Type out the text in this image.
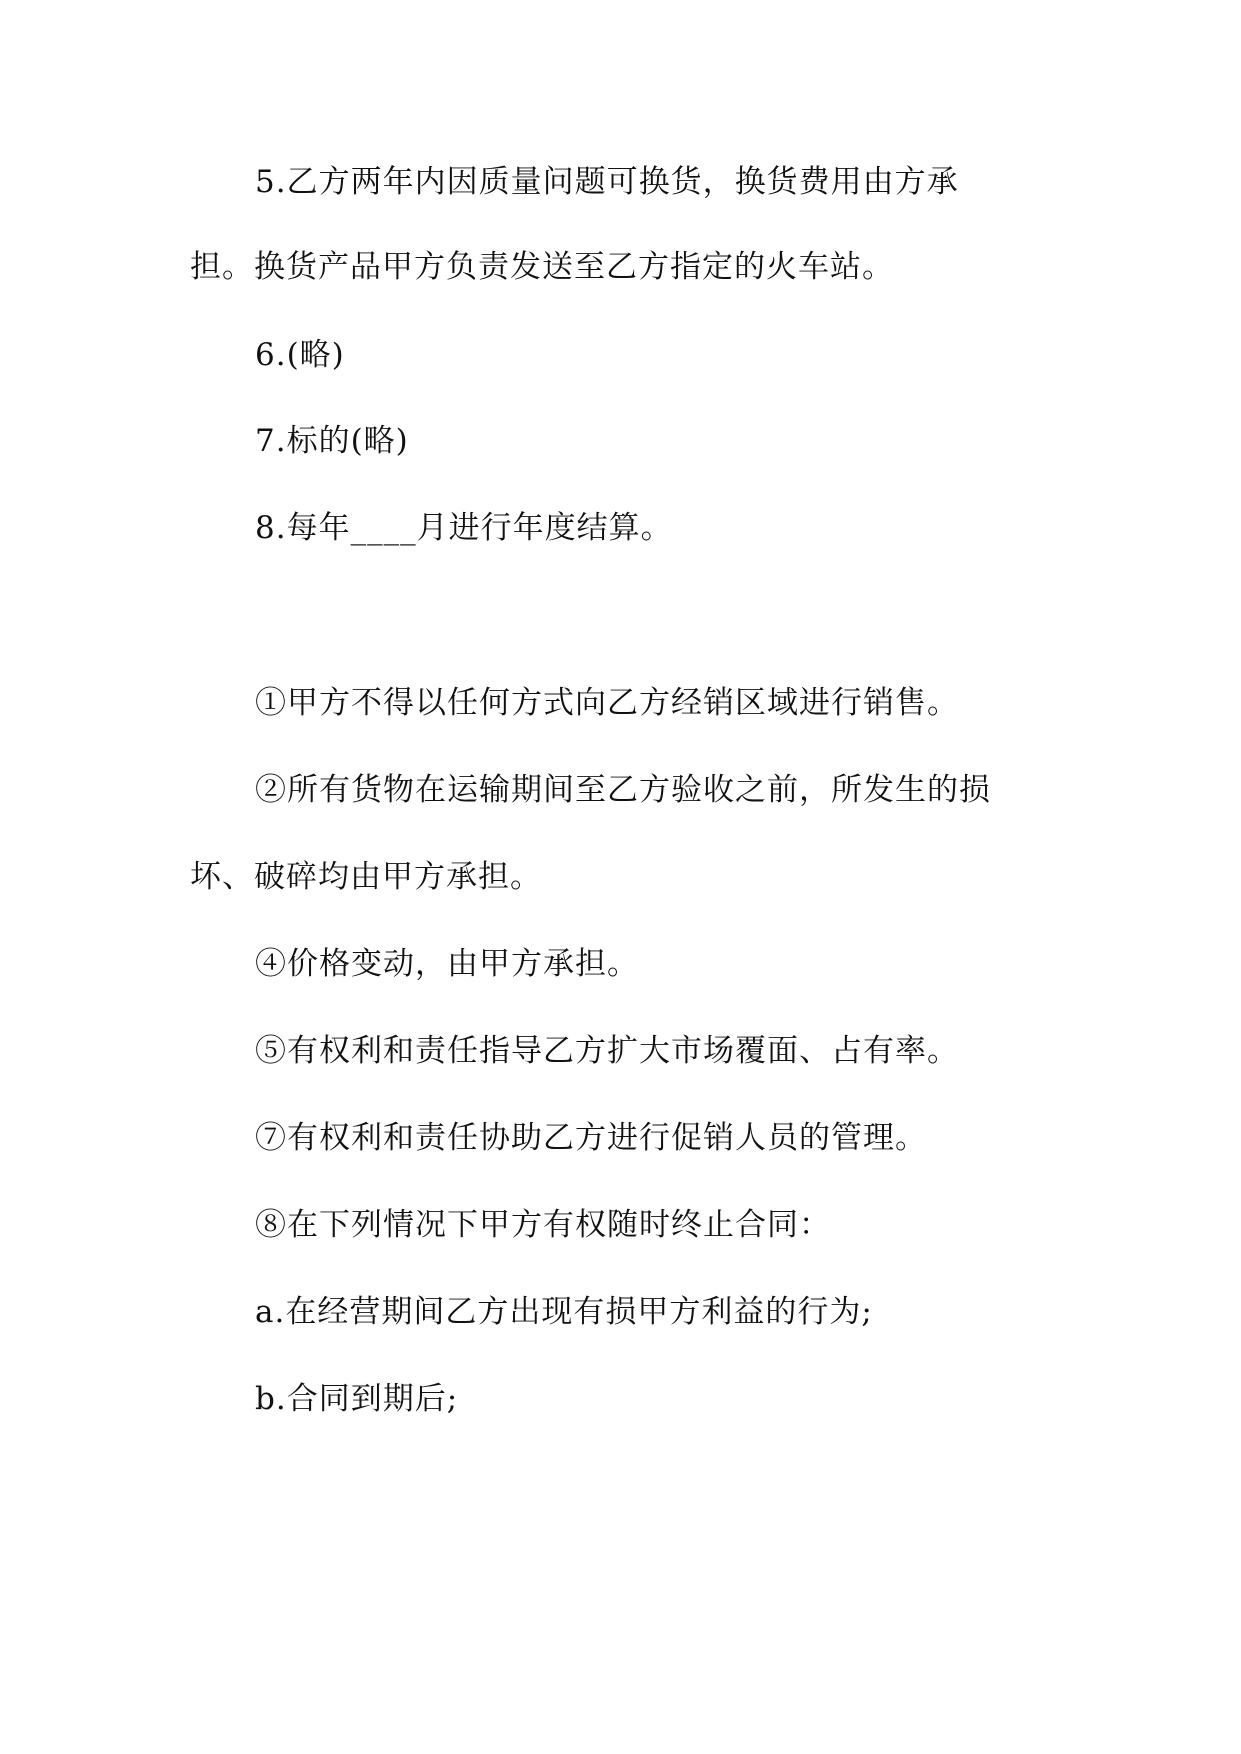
5.乙方两年内因质量问题可换货，换货费用由方承

担。换货产品甲方负责发送至乙方指定的火车站。

6.(略)

7.标的(略)

8.每年____月进行年度结算。

①甲方不得以任何方式向乙方经销区域进行销售。

②所有货物在运输期间至乙方验收之前，所发生的损

坏、破碎均由甲方承担。

④价格变动，由甲方承担。

⑤有权利和责任指导乙方扩大市场覆面、占有率。

⑦有权利和责任协助乙方进行促销人员的管理。

⑧在下列情况下甲方有权随时终止合同：

a.在经营期间乙方出现有损甲方利益的行为;

b.合同到期后;
